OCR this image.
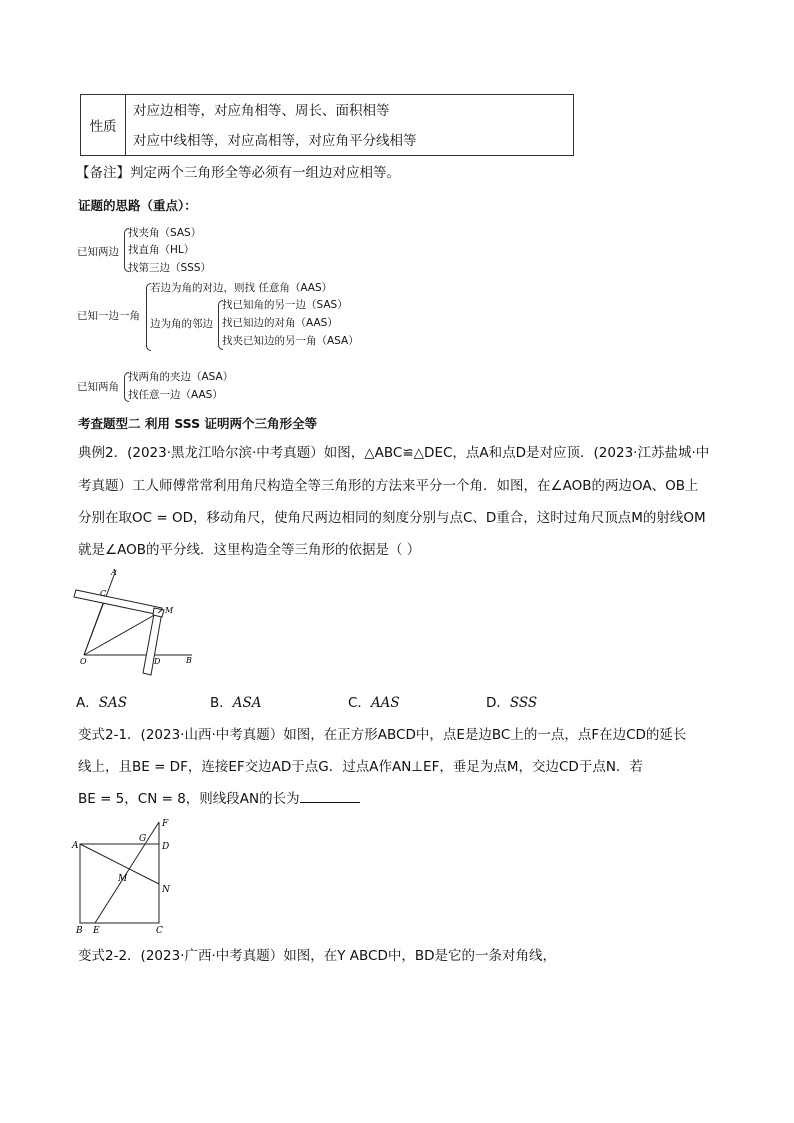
性质
对应边相等，对应角相等、周长、面积相等
对应中线相等，对应高相等，对应角平分线相等
【备注】判定两个三角形全等必须有一组边对应相等。
证题的思路（重点）：
已知两边
找夹角（SAS）
找直角（HL）
找第三边（SSS）
已知一边一角
若边为角的对边，则找 任意角（AAS）
边为角的邻边
找已知角的另一边（SAS）
找已知边的对角（AAS）
找夹已知边的另一角（ASA）
已知两角
找两角的夹边（ASA）
找任意一边（AAS）
考查题型二 利用 SSS 证明两个三角形全等
典例2．(2023·黑龙江哈尔滨·中考真题）如图，△ABC≌△DEC，点A和点D是对应顶．(2023·江苏盐城·中
考真题）工人师傅常常利用角尺构造全等三角形的方法来平分一个角．如图，在∠AOB的两边OA、OB上
分别在取OC = OD，移动角尺，使角尺两边相同的刻度分别与点C、D重合，这时过角尺顶点M的射线OM
就是∠AOB的平分线．这里构造全等三角形的依据是（ ）
A
C
M
O	D	B
A．SAS	B．ASA	C．AAS	D．SSS
变式2-1．(2023·山西·中考真题）如图，在正方形ABCD中，点E是边BC上的一点，点F在边CD的延长
线上，且BE = DF，连接EF交边AD于点G．过点A作AN⊥EF，垂足为点M，交边CD于点N．若
BE = 5，CN = 8，则线段AN的长为
A
G
F
D
M
N
B E	C
变式2-2．(2023·广西·中考真题）如图，在Y ABCD中，BD是它的一条对角线，
